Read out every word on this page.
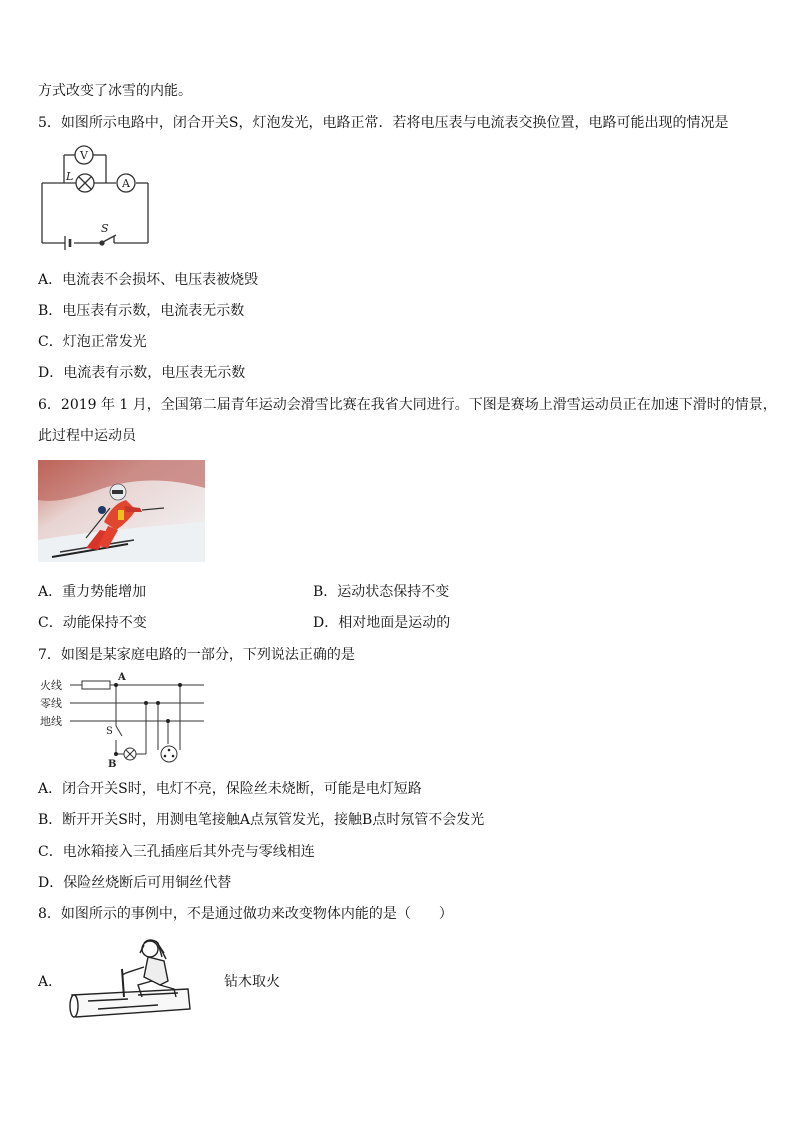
方式改变了冰雪的内能。
5．如图所示电路中，闭合开关S，灯泡发光，电路正常．若将电压表与电流表交换位置，电路可能出现的情况是
V
A
L
S
A．电流表不会损坏、电压表被烧毁
B．电压表有示数，电流表无示数
C．灯泡正常发光
D．电流表有示数，电压表无示数
6．2019 年 1 月，全国第二届青年运动会滑雪比赛在我省大同进行。下图是赛场上滑雪运动员正在加速下滑时的情景，
此过程中运动员
A．重力势能增加	B．运动状态保持不变
C．动能保持不变	D．相对地面是运动的
7．如图是某家庭电路的一部分，下列说法正确的是
火线
零线
地线
A
S
B
A．闭合开关S时，电灯不亮，保险丝未烧断，可能是电灯短路
B．断开开关S时，用测电笔接触A点氖管发光，接触B点时氖管不会发光
C．电冰箱接入三孔插座后其外壳与零线相连
D．保险丝烧断后可用铜丝代替
8．如图所示的事例中，不是通过做功来改变物体内能的是（　　）
A．	钻木取火
